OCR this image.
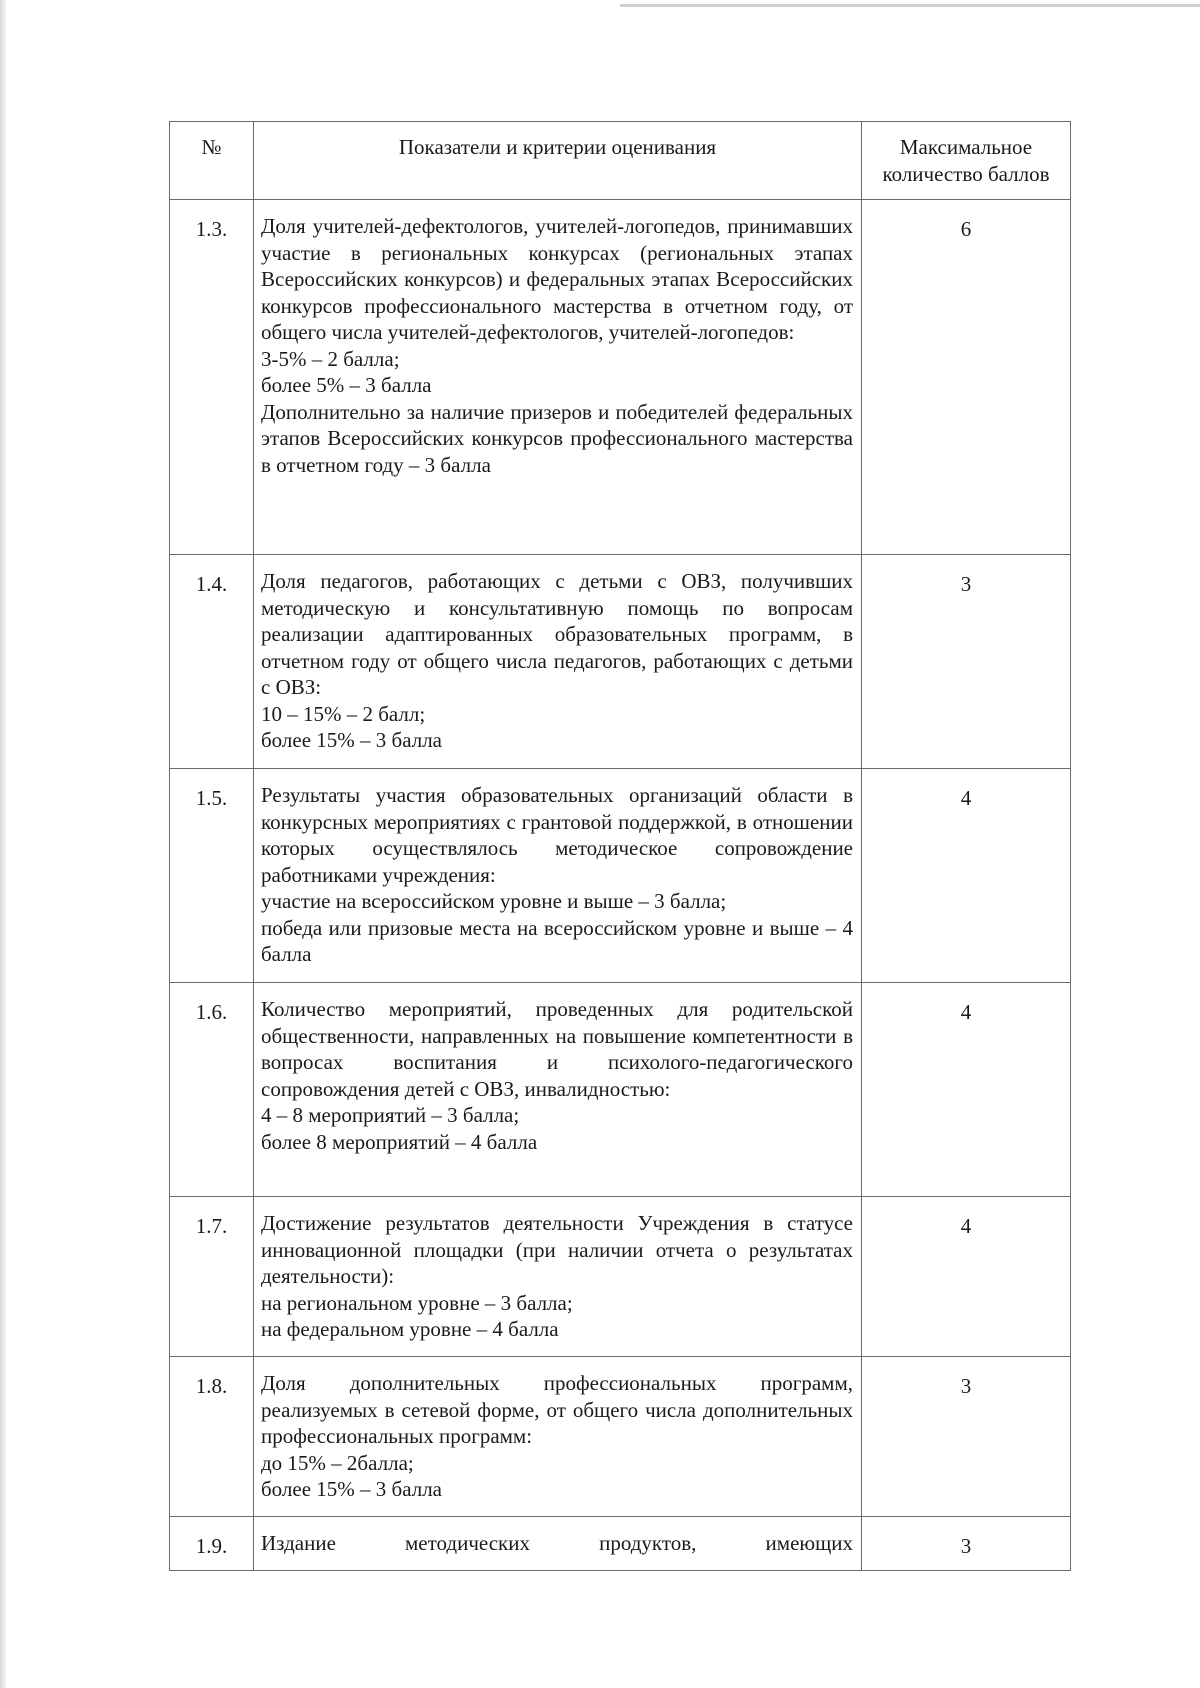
№	Показатели и критерии оценивания	Максимальное
количество баллов

1.3.	Доля учителей-дефектологов, учителей-логопедов, принимавших участие в региональных конкурсах (региональных этапах Всероссийских конкурсов) и федеральных этапах Всероссийских конкурсов профессионального мастерства в отчетном году, от общего числа учителей-дефектологов, учителей-логопедов:

3-5% – 2 балла;

более 5% – 3 балла

Дополнительно за наличие призеров и победителей федеральных этапов Всероссийских конкурсов профессионального мастерства в отчетном году – 3 балла	6
1.4.	Доля педагогов, работающих с детьми с ОВЗ, получивших методическую и консультативную помощь по вопросам реализации адаптированных образовательных программ, в отчетном году от общего числа педагогов, работающих с детьми с ОВЗ:

10 – 15% – 2 балл;

более 15% – 3 балла	3
1.5.	Результаты участия образовательных организаций области в конкурсных мероприятиях с грантовой поддержкой, в отношении которых осуществлялось методическое сопровождение работниками учреждения:

участие на всероссийском уровне и выше – 3 балла;

победа или призовые места на всероссийском уровне и выше – 4 балла	4
1.6.	Количество мероприятий, проведенных для родительской общественности, направленных на повышение компетентности в вопросах воспитания и психолого-педагогического сопровождения детей с ОВЗ, инвалидностью:

4 – 8 мероприятий – 3 балла;

более 8 мероприятий – 4 балла	4
1.7.	Достижение результатов деятельности Учреждения в статусе инновационной площадки (при наличии отчета о результатах деятельности):

на региональном уровне – 3 балла;

на федеральном уровне – 4 балла	4
1.8.	Доля дополнительных профессиональных программ, реализуемых в сетевой форме, от общего числа дополнительных профессиональных программ:

до 15% – 2балла;

более 15% – 3 балла	3
1.9.	Издание методических продуктов, имеющих	3
